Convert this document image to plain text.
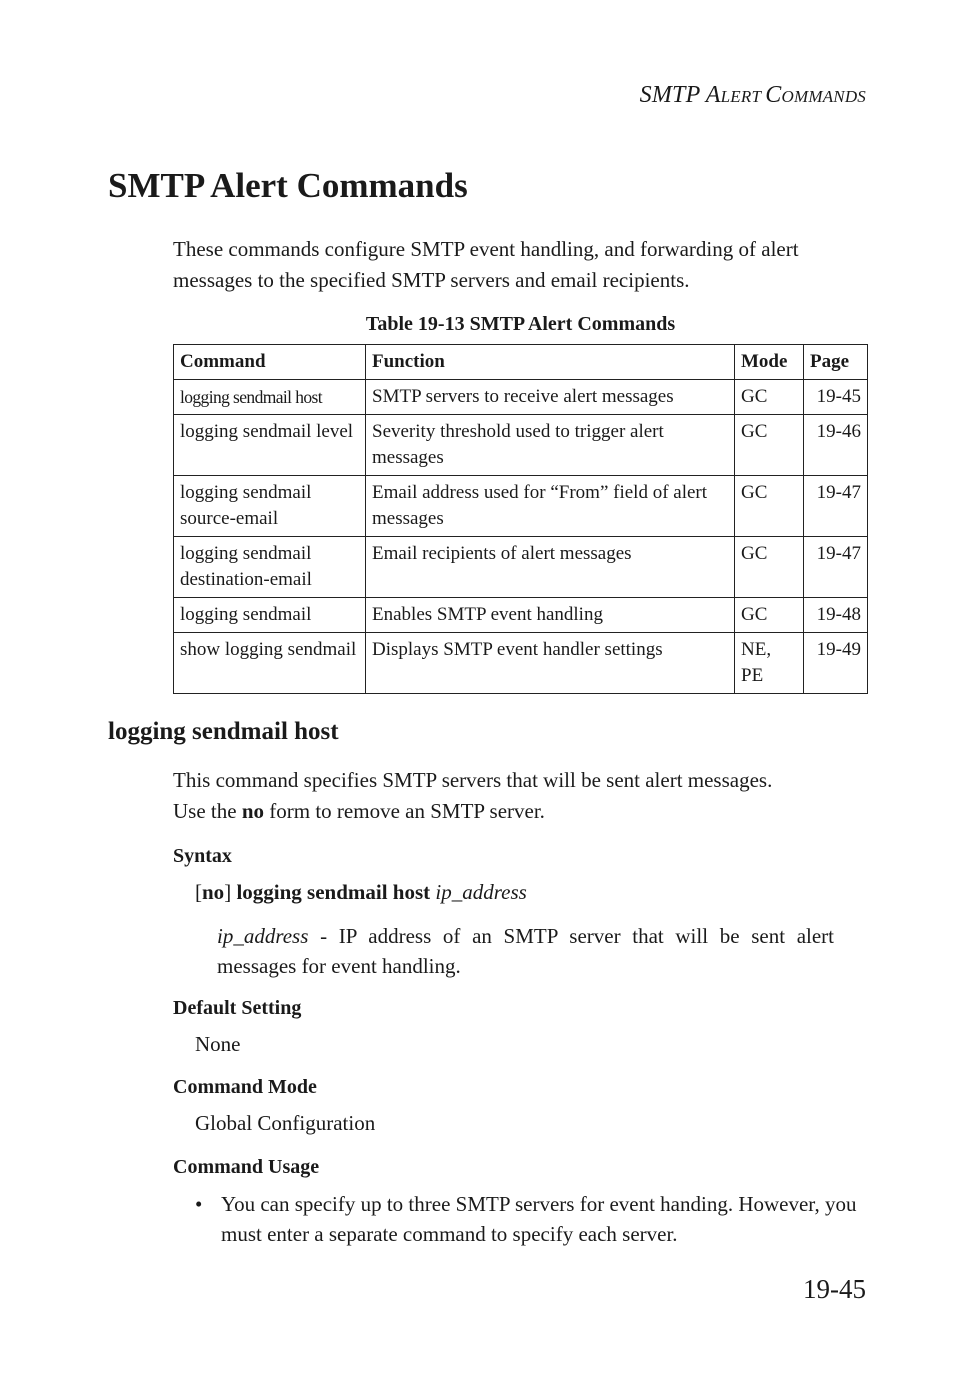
SMTP ALERT COMMANDS
SMTP Alert Commands

These commands configure SMTP event handling, and forwarding of alert messages to the specified SMTP servers and email recipients.

Table 19-13 SMTP Alert Commands
Command	Function	Mode	Page
logging sendmail host	SMTP servers to receive alert messages	GC	19-45
logging sendmail level	Severity threshold used to trigger alert messages	GC	19-46
logging sendmail source-email	Email address used for “From” field of alert messages	GC	19-47
logging sendmail destination-email	Email recipients of alert messages	GC	19-47
logging sendmail	Enables SMTP event handling	GC	19-48
show logging sendmail	Displays SMTP event handler settings	NE, PE	19-49
logging sendmail host

This command specifies SMTP servers that will be sent alert messages.
Use the no form to remove an SMTP server.

Syntax
[no] logging sendmail host ip_address
ip_address - IP address of an SMTP server that will be sent alert messages for event handling.
Default Setting
None
Command Mode
Global Configuration
Command Usage
• You can specify up to three SMTP servers for event handing. However, you must enter a separate command to specify each server.
19-45
